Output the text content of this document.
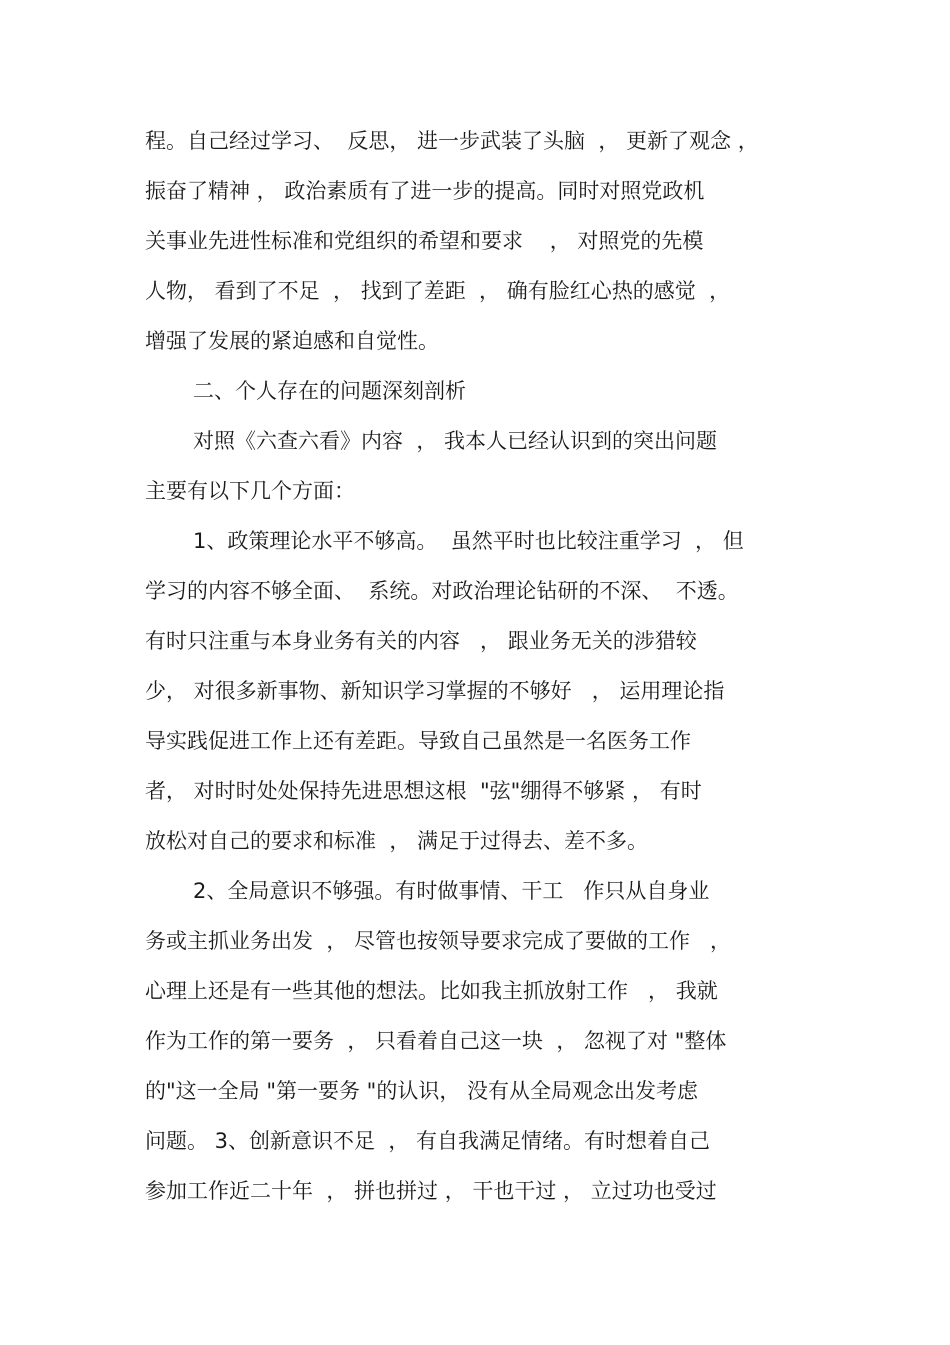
程。自己经过学习、  反思， 进一步武装了头脑  ， 更新了观念 ，
振奋了精神 ， 政治素质有了进一步的提高。同时对照党政机
关事业先进性标准和党组织的希望和要求    ， 对照党的先模
人物， 看到了不足  ， 找到了差距  ， 确有脸红心热的感觉  ，
增强了发展的紧迫感和自觉性。
二、个人存在的问题深刻剖析
对照《六查六看》内容  ， 我本人已经认识到的突出问题
主要有以下几个方面：
1、政策理论水平不够高。  虽然平时也比较注重学习  ， 但
学习的内容不够全面、  系统。对政治理论钻研的不深、  不透。
有时只注重与本身业务有关的内容   ， 跟业务无关的涉猎较
少， 对很多新事物、新知识学习掌握的不够好   ， 运用理论指
导实践促进工作上还有差距。导致自己虽然是一名医务工作
者， 对时时处处保持先进思想这根  "弦"绷得不够紧 ， 有时
放松对自己的要求和标准  ， 满足于过得去、差不多。
2、全局意识不够强。有时做事情、干工   作只从自身业
务或主抓业务出发  ， 尽管也按领导要求完成了要做的工作   ，
心理上还是有一些其他的想法。比如我主抓放射工作   ， 我就
作为工作的第一要务  ， 只看着自己这一块  ， 忽视了对 "整体
的"这一全局 "第一要务 "的认识， 没有从全局观念出发考虑
问题。 3、创新意识不足  ， 有自我满足情绪。有时想着自己
参加工作近二十年  ， 拼也拼过 ， 干也干过 ， 立过功也受过
